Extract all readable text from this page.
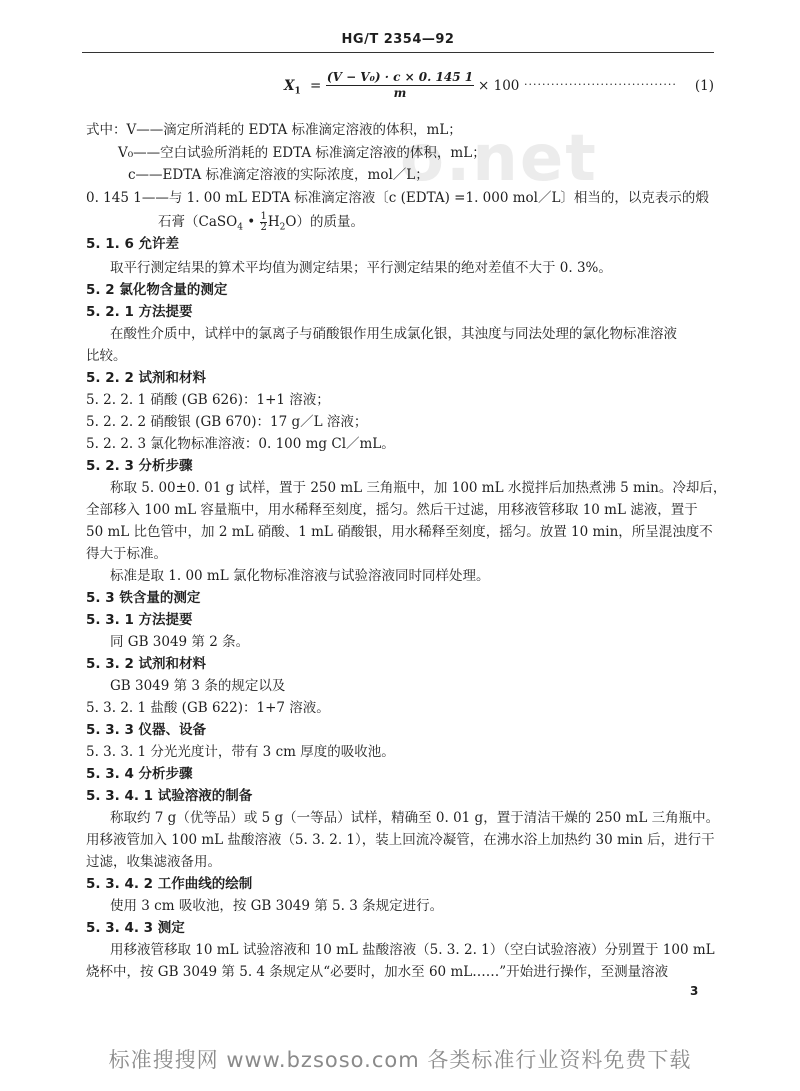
HG/T 2354—92
o.net
$X_1 = \frac{\text{(V − V₀) · c × 0. 145 1}}{m} \times 100$ ·································· (1)
式中：V——滴定所消耗的 EDTA 标准滴定溶液的体积，mL；
V₀——空白试验所消耗的 EDTA 标准滴定溶液的体积，mL；
c——EDTA 标准滴定溶液的实际浓度，mol／L；
0. 145 1——与 1. 00 mL EDTA 标准滴定溶液〔c (EDTA) =1. 000 mol／L〕相当的，以克表示的煅
石膏（CaSO$_4$ • $\frac{1}{2} H_2O$）的质量。
5. 1. 6 允许差
取平行测定结果的算术平均值为测定结果；平行测定结果的绝对差值不大于 0. 3%。
5. 2 氯化物含量的测定
5. 2. 1 方法提要
在酸性介质中，试样中的氯离子与硝酸银作用生成氯化银，其浊度与同法处理的氯化物标准溶液
比较。
5. 2. 2 试剂和材料
5. 2. 2. 1 硝酸 (GB 626)：1+1 溶液；
5. 2. 2. 2 硝酸银 (GB 670)：17 g／L 溶液；
5. 2. 2. 3 氯化物标准溶液：0. 100 mg Cl／mL。
5. 2. 3 分析步骤
称取 5. 00±0. 01 g 试样，置于 250 mL 三角瓶中，加 100 mL 水搅拌后加热煮沸 5 min。冷却后，
全部移入 100 mL 容量瓶中，用水稀释至刻度，摇匀。然后干过滤，用移液管移取 10 mL 滤液，置于
50 mL 比色管中，加 2 mL 硝酸、1 mL 硝酸银，用水稀释至刻度，摇匀。放置 10 min，所呈混浊度不
得大于标准。
标准是取 1. 00 mL 氯化物标准溶液与试验溶液同时同样处理。
5. 3 铁含量的测定
5. 3. 1 方法提要
同 GB 3049 第 2 条。
5. 3. 2 试剂和材料
GB 3049 第 3 条的规定以及
5. 3. 2. 1 盐酸 (GB 622)：1+7 溶液。
5. 3. 3 仪器、设备
5. 3. 3. 1 分光光度计，带有 3 cm 厚度的吸收池。
5. 3. 4 分析步骤
5. 3. 4. 1 试验溶液的制备
称取约 7 g（优等品）或 5 g（一等品）试样，精确至 0. 01 g，置于清洁干燥的 250 mL 三角瓶中。
用移液管加入 100 mL 盐酸溶液（5. 3. 2. 1），装上回流冷凝管，在沸水浴上加热约 30 min 后，进行干
过滤，收集滤液备用。
5. 3. 4. 2 工作曲线的绘制
使用 3 cm 吸收池，按 GB 3049 第 5. 3 条规定进行。
5. 3. 4. 3 测定
用移液管移取 10 mL 试验溶液和 10 mL 盐酸溶液（5. 3. 2. 1）（空白试验溶液）分别置于 100 mL
烧杯中，按 GB 3049 第 5. 4 条规定从“必要时，加水至 60 mL……”开始进行操作，至测量溶液
3
标准搜搜网 www.bzsoso.com 各类标准行业资料免费下载
